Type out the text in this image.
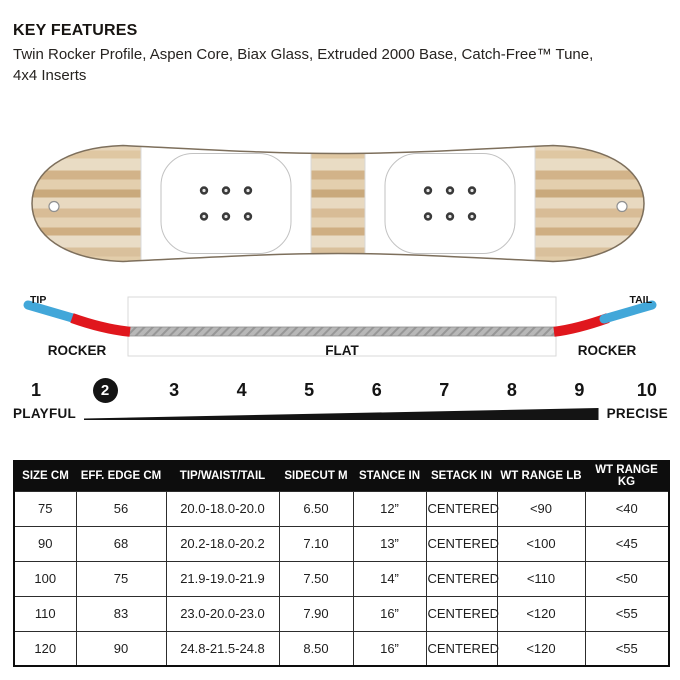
KEY FEATURES
Twin Rocker Profile, Aspen Core, Biax Glass, Extruded 2000 Base, Catch-Free™ Tune, 4x4 Inserts
TIP	TAIL
ROCKER	FLAT	ROCKER
1	2	3	4	5	6	7	8	9	10
PLAYFUL	PRECISE
SIZE CM	EFF. EDGE CM	TIP/WAIST/TAIL	SIDECUT M	STANCE IN	SETACK IN	WT RANGE LB	WT RANGE KG
75	56	20.0-18.0-20.0	6.50	12”	CENTERED	<90	<40
90	68	20.2-18.0-20.2	7.10	13”	CENTERED	<100	<45
100	75	21.9-19.0-21.9	7.50	14”	CENTERED	<110	<50
110	83	23.0-20.0-23.0	7.90	16”	CENTERED	<120	<55
120	90	24.8-21.5-24.8	8.50	16”	CENTERED	<120	<55
